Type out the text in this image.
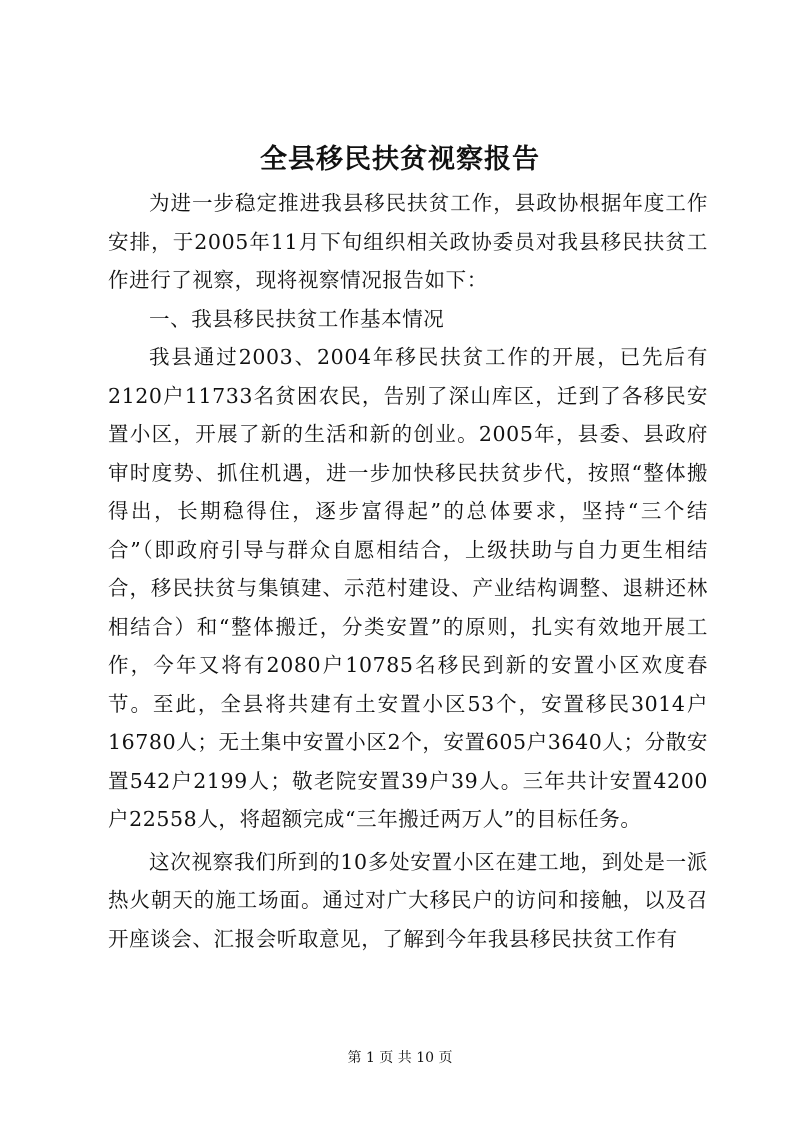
全县移民扶贫视察报告

为进一步稳定推进我县移民扶贫工作，县政协根据年度工作安排，于2005年11月下旬组织相关政协委员对我县移民扶贫工作进行了视察，现将视察情况报告如下：

一、我县移民扶贫工作基本情况

我县通过2003、2004年移民扶贫工作的开展，已先后有2120户11733名贫困农民，告别了深山库区，迁到了各移民安置小区，开展了新的生活和新的创业。2005年，县委、县政府审时度势、抓住机遇，进一步加快移民扶贫步代，按照“整体搬得出，长期稳得住，逐步富得起”的总体要求，坚持“三个结合”（即政府引导与群众自愿相结合，上级扶助与自力更生相结合，移民扶贫与集镇建、示范村建设、产业结构调整、退耕还林相结合）和“整体搬迁，分类安置”的原则，扎实有效地开展工作，今年又将有2080户10785名移民到新的安置小区欢度春节。至此，全县将共建有土安置小区53个，安置移民3014户16780人；无土集中安置小区2个，安置605户3640人；分散安置542户2199人；敬老院安置39户39人。三年共计安置4200户22558人，将超额完成“三年搬迁两万人”的目标任务。

这次视察我们所到的10多处安置小区在建工地，到处是一派热火朝天的施工场面。通过对广大移民户的访问和接触，以及召开座谈会、汇报会听取意见，了解到今年我县移民扶贫工作有

第 1 页 共 10 页
